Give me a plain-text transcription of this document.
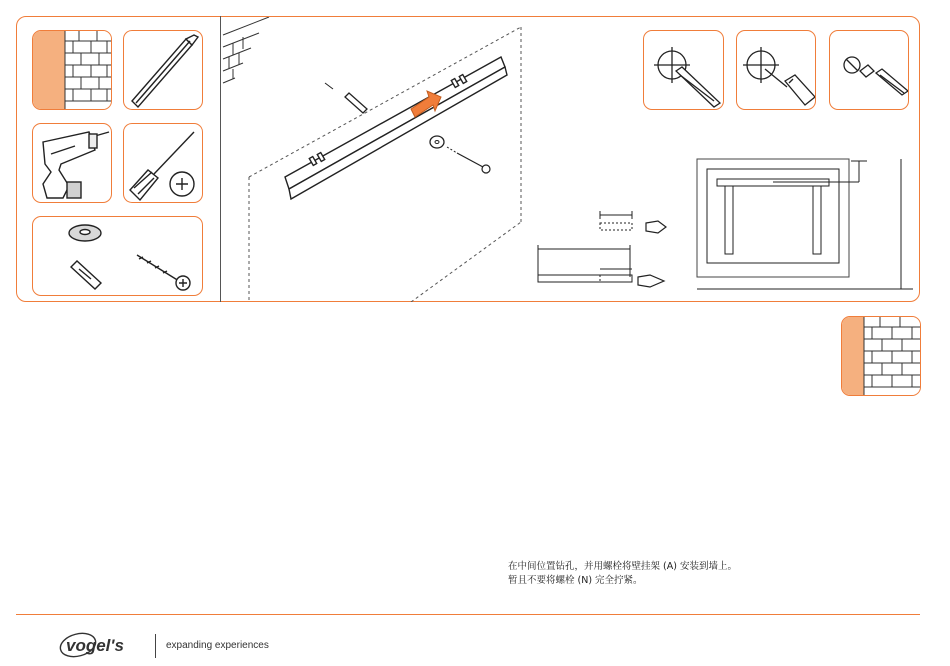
在中间位置钻孔，并用螺栓将壁挂架 (A) 安装到墙上。
暂且不要将螺栓 (N) 完全拧紧。
vogel's	expanding experiences
